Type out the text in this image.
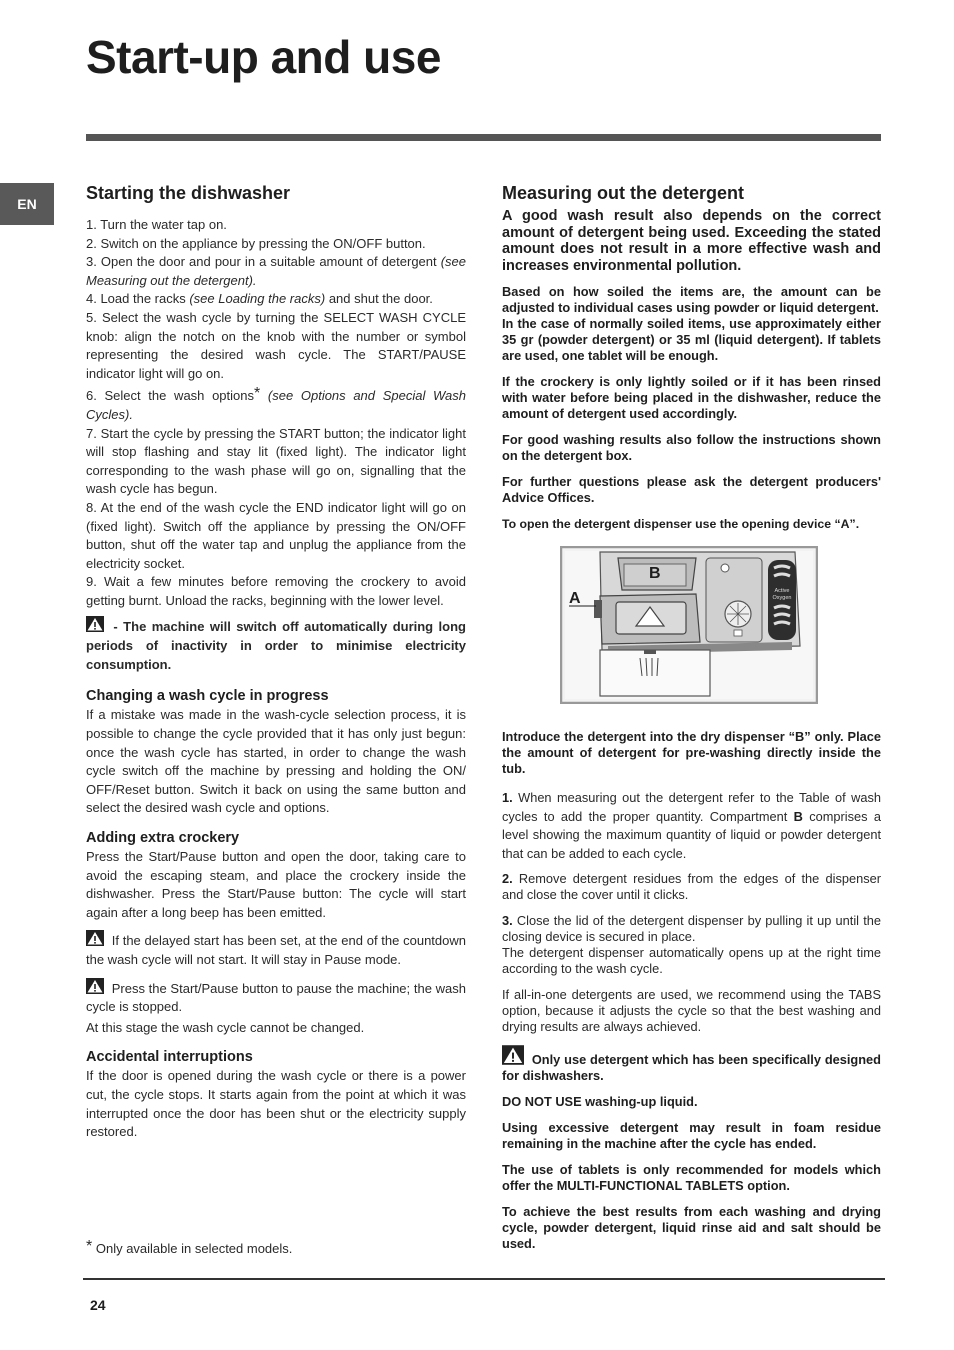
Start-up and use
EN
Starting the dishwasher

1. Turn the water tap on.

2. Switch on the appliance by pressing the ON/OFF button.

3. Open the door and pour in a suitable amount of detergent (see Measuring out the detergent).

4. Load the racks (see Loading the racks) and shut the door.

5. Select the wash cycle by turning the SELECT WASH CYCLE knob: align the notch on the knob with the number or symbol representing the desired wash cycle. The START/PAUSE indicator light will go on.

6. Select the wash options* (see Options and Special Wash Cycles).

7. Start the cycle by pressing the START button; the indicator light will stop flashing and stay lit (fixed light). The indicator light corresponding to the wash phase will go on, signalling that the wash cycle has begun.

8. At the end of the wash cycle the END indicator light will go on (fixed light). Switch off the appliance by pressing the ON/OFF button, shut off the water tap and unplug the appliance from the electricity socket.

9. Wait a few minutes before removing the crockery to avoid getting burnt. Unload the racks, beginning with the lower level.

- The machine will switch off automatically during long periods of inactivity in order to minimise electricity consumption.

Changing a wash cycle in progress

If a mistake was made in the wash-cycle selection process, it is possible to change the cycle provided that it has only just begun: once the wash cycle has started, in order to change the wash cycle switch off the machine by pressing and holding the ON/ OFF/Reset button. Switch it back on using the same button and select the desired wash cycle and options.

Adding extra crockery

Press the Start/Pause button and open the door, taking care to avoid the escaping steam, and place the crockery inside the dishwasher. Press the Start/Pause button: The cycle will start again after a long beep has been emitted.

If the delayed start has been set, at the end of the countdown the wash cycle will not start. It will stay in Pause mode.

Press the Start/Pause button to pause the machine; the wash cycle is stopped.

At this stage the wash cycle cannot be changed.

Accidental interruptions

If the door is opened during the wash cycle or there is a power cut, the cycle stops. It starts again from the point at which it was interrupted once the door has been shut or the electricity supply restored.

* Only available in selected models.
Measuring out the detergent

A good wash result also depends on the correct amount of detergent being used. Exceeding the stated amount does not result in a more effective wash and increases environmental pollution.

Based on how soiled the items are, the amount can be adjusted to individual cases using powder or liquid detergent.

In the case of normally soiled items, use approximately either 35 gr (powder detergent) or 35 ml (liquid detergent). If tablets are used, one tablet will be enough.

If the crockery is only lightly soiled or if it has been rinsed with water before being placed in the dishwasher, reduce the amount of detergent used accordingly.

For good washing results also follow the instructions shown on the detergent box.

For further questions please ask the detergent producers' Advice Offices.

To open the detergent dispenser use the opening device “A”.

Active
Oxygen
B
A

Introduce the detergent into the dry dispenser “B” only. Place the amount of detergent for pre-washing directly inside the tub.

1. When measuring out the detergent refer to the Table of wash cycles to add the proper quantity. Compartment B comprises a level showing the maximum quantity of liquid or powder detergent that can be added to each cycle.

2. Remove detergent residues from the edges of the dispenser and close the cover until it clicks.

3. Close the lid of the detergent dispenser by pulling it up until the closing device is secured in place.

The detergent dispenser automatically opens up at the right time according to the wash cycle.

If all-in-one detergents are used, we recommend using the TABS option, because it adjusts the cycle so that the best washing and drying results are always achieved.

Only use detergent which has been specifically designed for dishwashers.

DO NOT USE washing-up liquid.

Using excessive detergent may result in foam residue remaining in the machine after the cycle has ended.

The use of tablets is only recommended for models which offer the MULTI-FUNCTIONAL TABLETS option.

To achieve the best results from each washing and drying cycle, powder detergent, liquid rinse aid and salt should be used.

24
